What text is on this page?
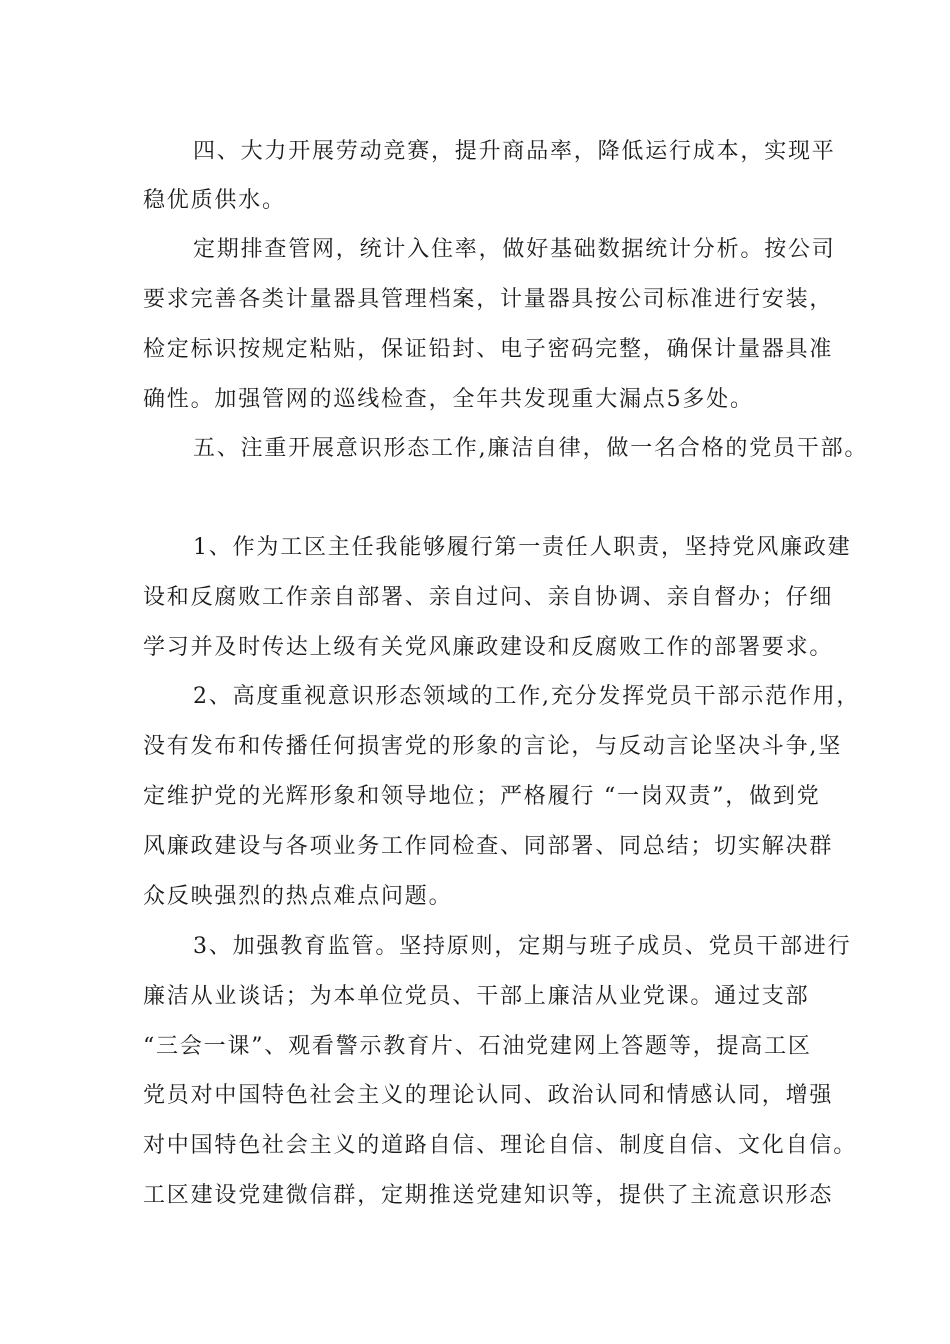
四、大力开展劳动竞赛，提升商品率，降低运行成本，实现平

稳优质供水。

定期排查管网，统计入住率，做好基础数据统计分析。按公司

要求完善各类计量器具管理档案，计量器具按公司标准进行安装，

检定标识按规定粘贴，保证铅封、电子密码完整，确保计量器具准

确性。加强管网的巡线检查，全年共发现重大漏点5多处。

五、注重开展意识形态工作,廉洁自律，做一名合格的党员干部。

1、作为工区主任我能够履行第一责任人职责，坚持党风廉政建

设和反腐败工作亲自部署、亲自过问、亲自协调、亲自督办；仔细

学习并及时传达上级有关党风廉政建设和反腐败工作的部署要求。

2、高度重视意识形态领域的工作,充分发挥党员干部示范作用，

没有发布和传播任何损害党的形象的言论，与反动言论坚决斗争,坚

定维护党的光辉形象和领导地位；严格履行 “一岗双责”，做到党

风廉政建设与各项业务工作同检查、同部署、同总结；切实解决群

众反映强烈的热点难点问题。

3、加强教育监管。坚持原则，定期与班子成员、党员干部进行

廉洁从业谈话；为本单位党员、干部上廉洁从业党课。通过支部

“三会一课”、观看警示教育片、石油党建网上答题等，提高工区

党员对中国特色社会主义的理论认同、政治认同和情感认同，增强

对中国特色社会主义的道路自信、理论自信、制度自信、文化自信。

工区建设党建微信群，定期推送党建知识等，提供了主流意识形态
